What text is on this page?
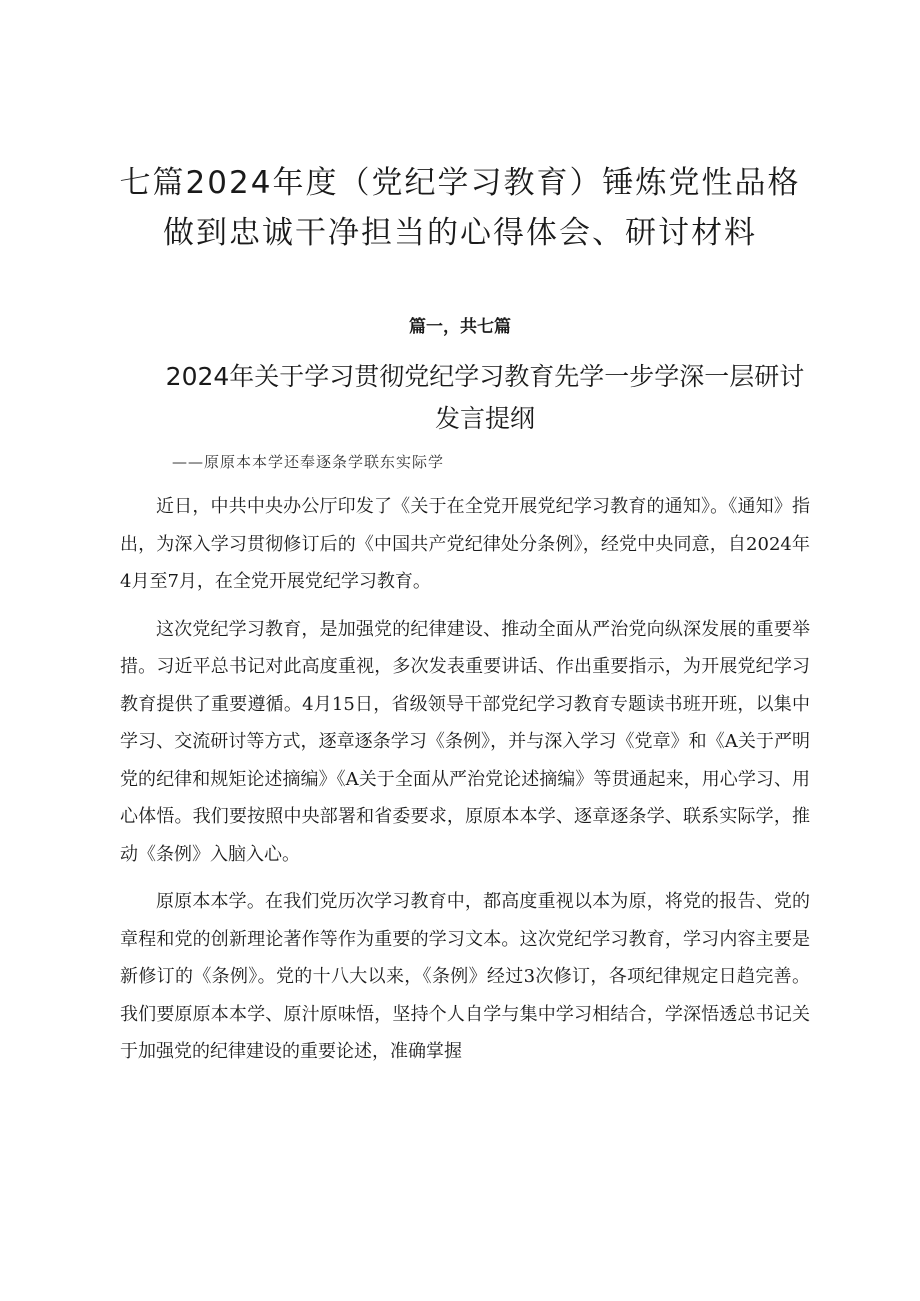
七篇2024年度（党纪学习教育）锤炼党性品格做到忠诚干净担当的心得体会、研讨材料
篇一，共七篇
2024年关于学习贯彻党纪学习教育先学一步学深一层研讨发言提纲
——原原本本学还奉逐条学联东实际学

近日，中共中央办公厅印发了《关于在全党开展党纪学习教育的通知》。《通知》指出，为深入学习贯彻修订后的《中国共产党纪律处分条例》，经党中央同意，自2024年4月至7月，在全党开展党纪学习教育。

这次党纪学习教育，是加强党的纪律建设、推动全面从严治党向纵深发展的重要举措。习近平总书记对此高度重视，多次发表重要讲话、作出重要指示，为开展党纪学习教育提供了重要遵循。4月15日，省级领导干部党纪学习教育专题读书班开班，以集中学习、交流研讨等方式，逐章逐条学习《条例》，并与深入学习《党章》和《A关于严明党的纪律和规矩论述摘编》《A关于全面从严治党论述摘编》等贯通起来，用心学习、用心体悟。我们要按照中央部署和省委要求，原原本本学、逐章逐条学、联系实际学，推动《条例》入脑入心。

原原本本学。在我们党历次学习教育中，都高度重视以本为原，将党的报告、党的章程和党的创新理论著作等作为重要的学习文本。这次党纪学习教育，学习内容主要是新修订的《条例》。党的十八大以来，《条例》经过3次修订，各项纪律规定日趋完善。我们要原原本本学、原汁原味悟，坚持个人自学与集中学习相结合，学深悟透总书记关于加强党的纪律建设的重要论述，准确掌握
